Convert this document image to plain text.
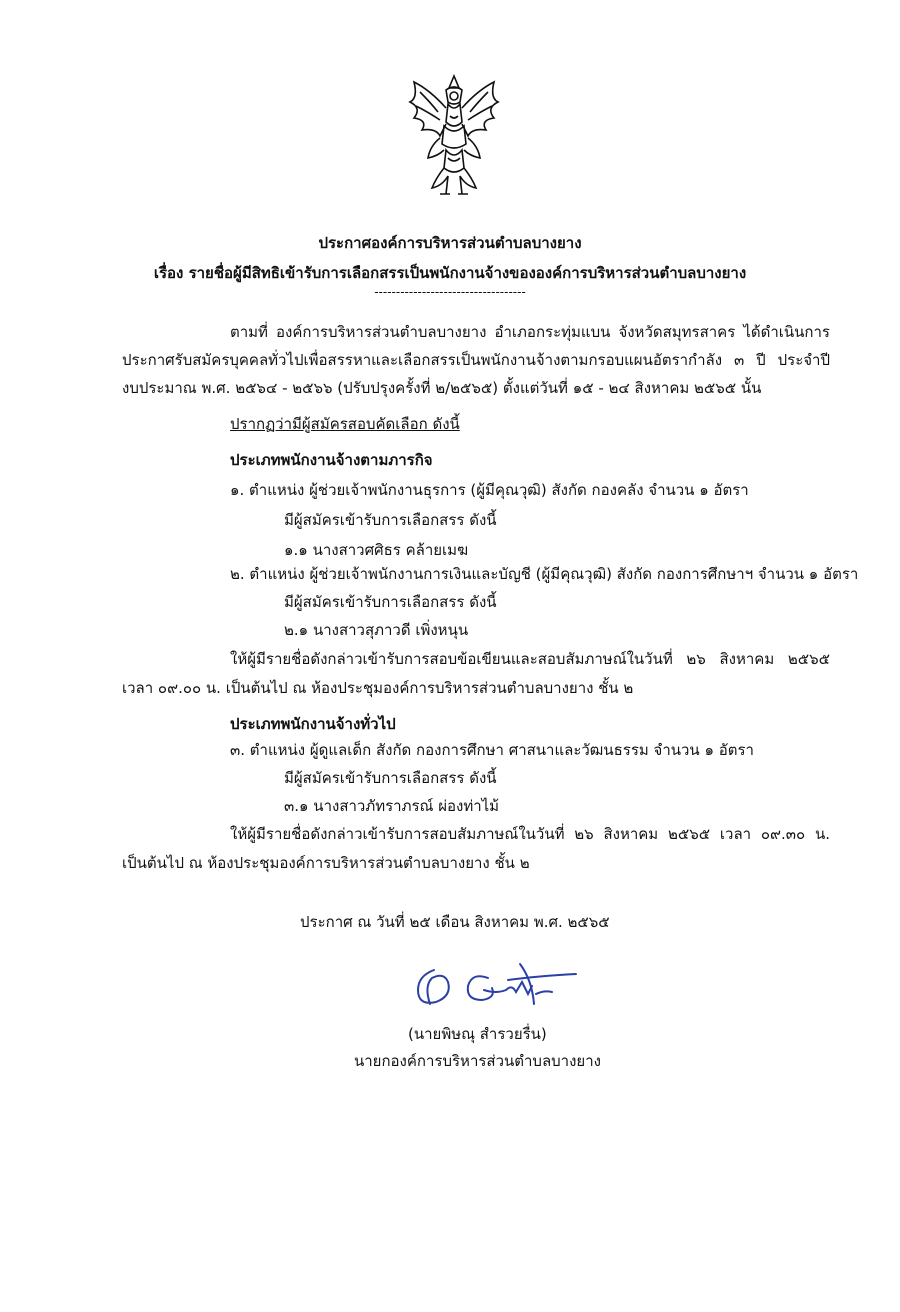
ประกาศองค์การบริหารส่วนตำบลบางยาง
เรื่อง รายชื่อผู้มีสิทธิเข้ารับการเลือกสรรเป็นพนักงานจ้างขององค์การบริหารส่วนตำบลบางยาง
-----------------------------------
ตามที่ องค์การบริหารส่วนตำบลบางยาง อำเภอกระทุ่มแบน จังหวัดสมุทรสาคร ได้ดำเนินการ
ประกาศรับสมัครบุคคลทั่วไปเพื่อสรรหาและเลือกสรรเป็นพนักงานจ้างตามกรอบแผนอัตรากำลัง ๓ ปี ประจำปี
งบประมาณ พ.ศ. ๒๕๖๔ - ๒๕๖๖ (ปรับปรุงครั้งที่ ๒/๒๕๖๕) ตั้งแต่วันที่ ๑๕ - ๒๔ สิงหาคม ๒๕๖๕ นั้น
ปรากฏว่ามีผู้สมัครสอบคัดเลือก ดังนี้
ประเภทพนักงานจ้างตามภารกิจ
๑. ตำแหน่ง ผู้ช่วยเจ้าพนักงานธุรการ (ผู้มีคุณวุฒิ) สังกัด กองคลัง จำนวน ๑ อัตรา
มีผู้สมัครเข้ารับการเลือกสรร ดังนี้
๑.๑ นางสาวศศิธร คล้ายเมฆ
๒. ตำแหน่ง ผู้ช่วยเจ้าพนักงานการเงินและบัญชี (ผู้มีคุณวุฒิ) สังกัด กองการศึกษาฯ จำนวน ๑ อัตรา
มีผู้สมัครเข้ารับการเลือกสรร ดังนี้
๒.๑ นางสาวสุภาวดี เพิ่งหนุน
ให้ผู้มีรายชื่อดังกล่าวเข้ารับการสอบข้อเขียนและสอบสัมภาษณ์ในวันที่ ๒๖ สิงหาคม ๒๕๖๕
เวลา ๐๙.๐๐ น. เป็นต้นไป ณ ห้องประชุมองค์การบริหารส่วนตำบลบางยาง ชั้น ๒
ประเภทพนักงานจ้างทั่วไป
๓. ตำแหน่ง ผู้ดูแลเด็ก สังกัด กองการศึกษา ศาสนาและวัฒนธรรม จำนวน ๑ อัตรา
มีผู้สมัครเข้ารับการเลือกสรร ดังนี้
๓.๑ นางสาวภัทราภรณ์ ผ่องท่าไม้
ให้ผู้มีรายชื่อดังกล่าวเข้ารับการสอบสัมภาษณ์ในวันที่ ๒๖ สิงหาคม ๒๕๖๕ เวลา ๐๙.๓๐ น.
เป็นต้นไป ณ ห้องประชุมองค์การบริหารส่วนตำบลบางยาง ชั้น ๒
ประกาศ ณ วันที่ ๒๕ เดือน สิงหาคม พ.ศ. ๒๕๖๕
(นายพิษณุ สำรวยรื่น)
นายกองค์การบริหารส่วนตำบลบางยาง
